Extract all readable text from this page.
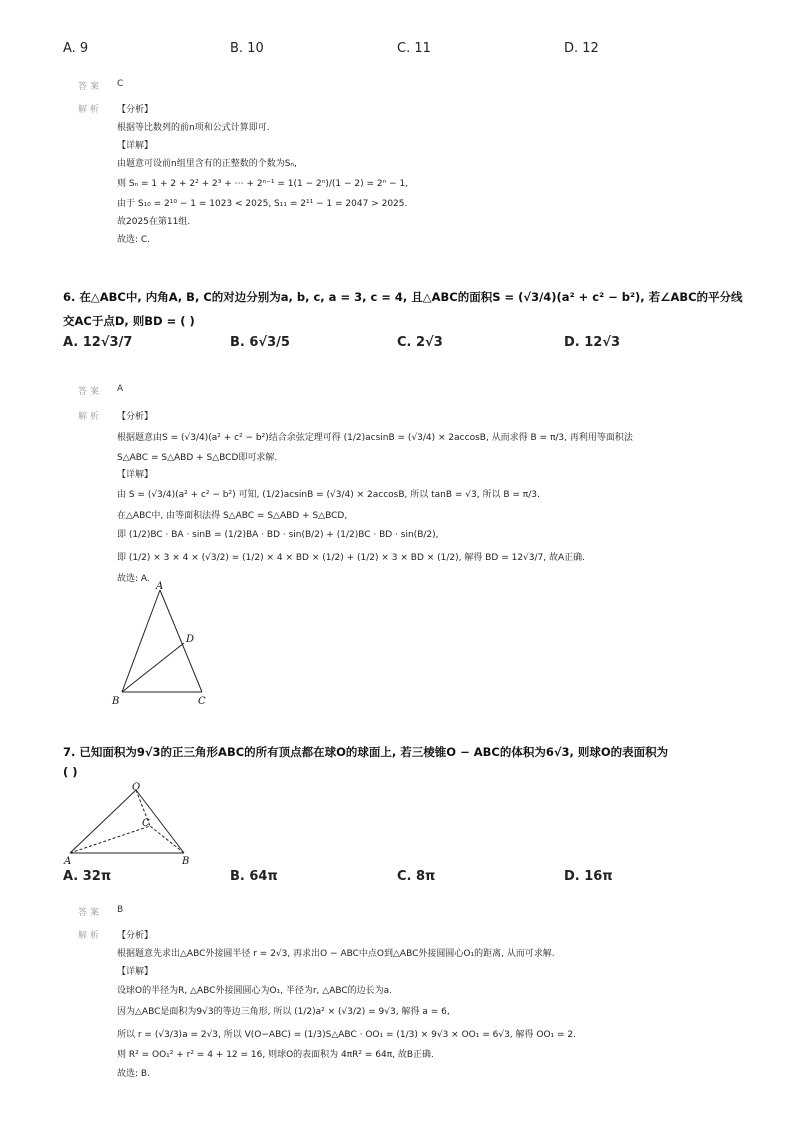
A. 9	B. 10	C. 11	D. 12
答案 C
解析 【分析】
根据等比数列的前n项和公式计算即可.
【详解】
由题意可设前n组里含有的正整数的个数为Sₙ,
则 Sₙ = 1 + 2 + 2² + 2³ + ⋯ + 2ⁿ⁻¹ = 1(1 − 2ⁿ)/(1 − 2) = 2ⁿ − 1,
由于 S₁₀ = 2¹⁰ − 1 = 1023 < 2025, S₁₁ = 2¹¹ − 1 = 2047 > 2025.
故2025在第11组.
故选: C.
6. 在△ABC中, 内角A, B, C的对边分别为a, b, c, a = 3, c = 4, 且△ABC的面积S = (√3/4)(a² + c² − b²), 若∠ABC的平分线
交AC于点D, 则BD = ( )
A. 12√3/7	B. 6√3/5	C. 2√3	D. 12√3
答案 A
解析 【分析】
根据题意由S = (√3/4)(a² + c² − b²)结合余弦定理可得 (1/2)acsinB = (√3/4) × 2accosB, 从而求得 B = π/3, 再利用等面积法
S△ABC = S△ABD + S△BCD即可求解.
【详解】
由 S = (√3/4)(a² + c² − b²) 可知, (1/2)acsinB = (√3/4) × 2accosB, 所以 tanB = √3, 所以 B = π/3.
在△ABC中, 由等面积法得 S△ABC = S△ABD + S△BCD,
即 (1/2)BC · BA · sinB = (1/2)BA · BD · sin(B/2) + (1/2)BC · BD · sin(B/2),
即 (1/2) × 3 × 4 × (√3/2) = (1/2) × 4 × BD × (1/2) + (1/2) × 3 × BD × (1/2), 解得 BD = 12√3/7, 故A正确.
故选: A.
A
B	C
D
7. 已知面积为9√3的正三角形ABC的所有顶点都在球O的球面上, 若三棱锥O − ABC的体积为6√3, 则球O的表面积为
( )
O
A	B
C
A. 32π	B. 64π	C. 8π	D. 16π
答案 B
解析 【分析】
根据题意先求出△ABC外接圆半径 r = 2√3, 再求出O − ABC中点O到△ABC外接圆圆心O₁的距离, 从而可求解.
【详解】
设球O的半径为R, △ABC外接圆圆心为O₁, 半径为r, △ABC的边长为a.
因为△ABC是面积为9√3的等边三角形, 所以 (1/2)a² × (√3/2) = 9√3, 解得 a = 6,
所以 r = (√3/3)a = 2√3, 所以 V(O−ABC) = (1/3)S△ABC · OO₁ = (1/3) × 9√3 × OO₁ = 6√3, 解得 OO₁ = 2.
则 R² = OO₁² + r² = 4 + 12 = 16, 则球O的表面积为 4πR² = 64π, 故B正确.
故选: B.
